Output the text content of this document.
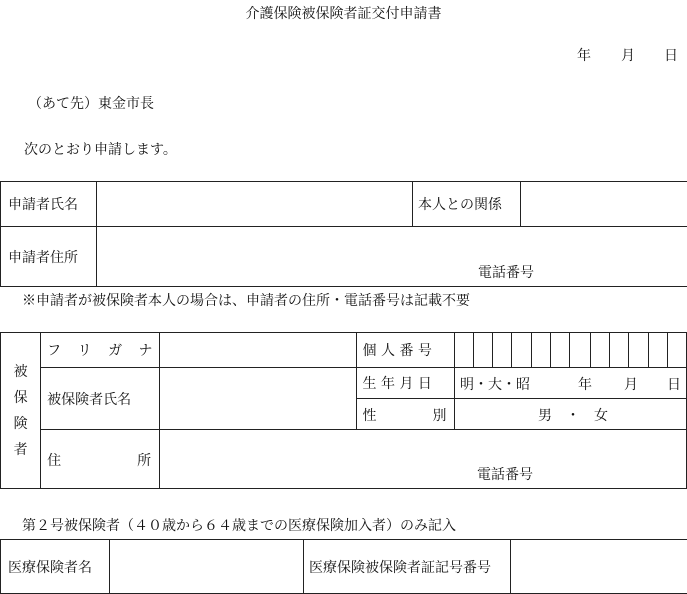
介護保険被保険者証交付申請書
年 月 日
（あて先）東金市長
次のとおり申請します。
申請者氏名		本人との関係	
申請者住所	電話番号		
※申請者が被保険者本人の場合は、申請者の住所・電話番号は記載不要
被
保
険
者	フ リ ガ ナ		個 人 番 号												
	被保険者氏名		生 年 月 日	明・大・昭 年 月 日											

			性 別	男　・　女											

	住 所	電話番号													
第２号被保険者（４０歳から６４歳までの医療保険加入者）のみ記入
医療保険者名		医療保険被保険者証記号番号	
